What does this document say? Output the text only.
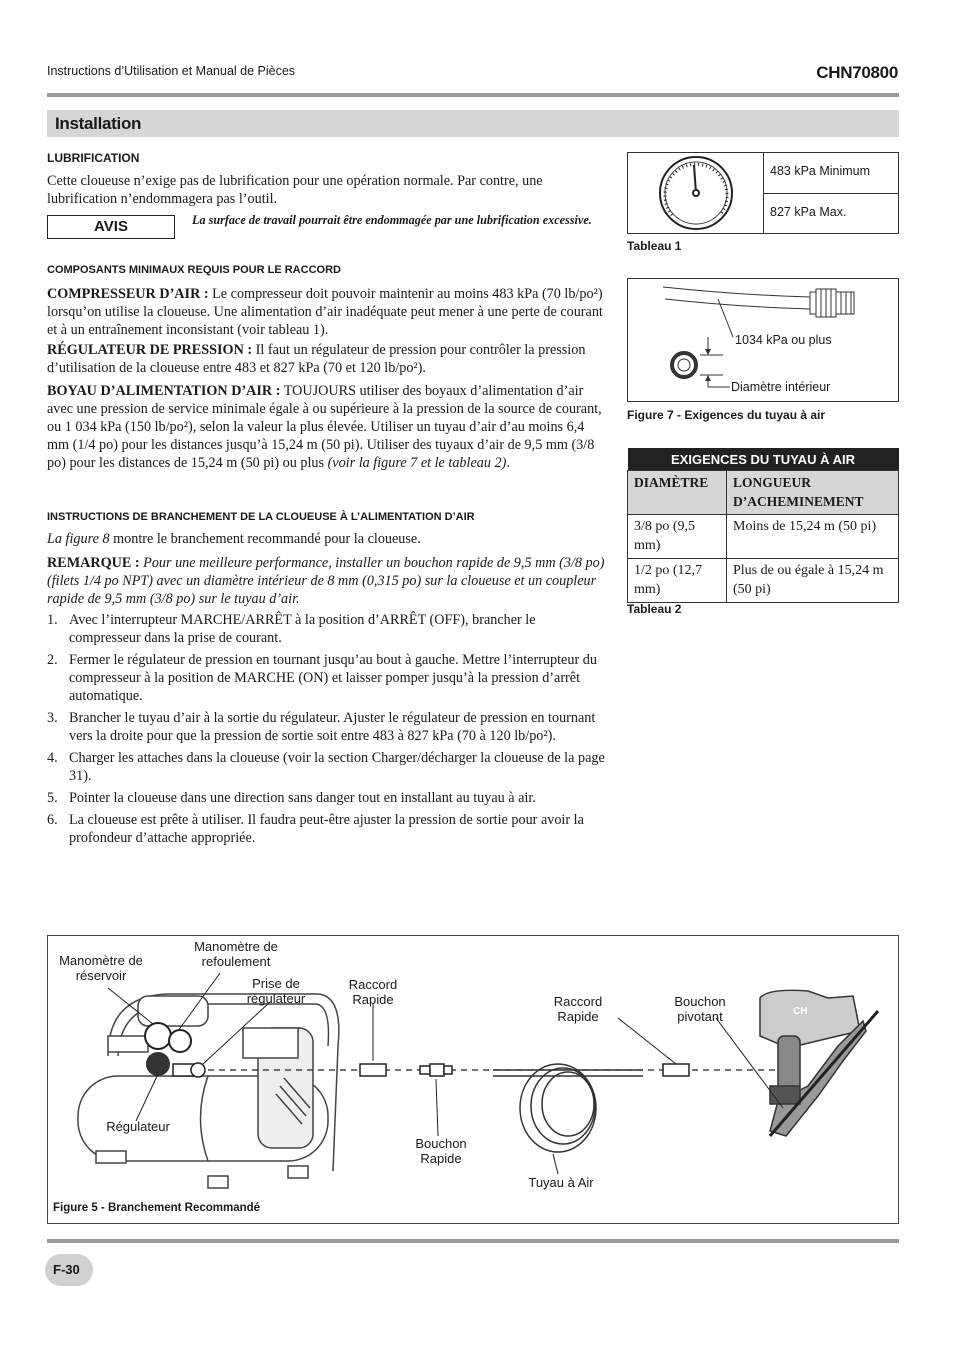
Instructions d’Utilisation et Manual de Pièces	CHN70800
Installation
LUBRIFICATION
Cette cloueuse n’exige pas de lubrification pour une opération normale. Par contre, une lubrification n’endommagera pas l’outil.
AVIS	La surface de travail pourrait être endommagée par une lubrification excessive.
COMPOSANTS MINIMAUX REQUIS POUR LE RACCORD
COMPRESSEUR D’AIR : Le compresseur doit pouvoir maintenir au moins 483 kPa (70 lb/po²) lorsqu’on utilise la cloueuse. Une alimentation d’air inadéquate peut mener à une perte de courant et à un entraînement inconsistant (voir tableau 1).
RÉGULATEUR DE PRESSION : Il faut un régulateur de pression pour contrôler la pression d’utilisation de la cloueuse entre 483 et 827 kPa (70 et 120 lb/po²).
BOYAU D’ALIMENTATION D’AIR : TOUJOURS utiliser des boyaux d’alimentation d’air avec une pression de service minimale égale à ou supérieure à la pression de la source de courant, ou 1 034 kPa (150 lb/po²), selon la valeur la plus élevée. Utiliser un tuyau d’air d’au moins 6,4 mm (1/4 po) pour les distances jusqu’à 15,24 m (50 pi). Utiliser des tuyaux d’air de 9,5 mm (3/8 po) pour les distances de 15,24 m (50 pi) ou plus (voir la figure 7 et le tableau 2).
INSTRUCTIONS DE BRANCHEMENT DE LA CLOUEUSE À L’ALIMENTATION D’AIR
La figure 8 montre le branchement recommandé pour la cloueuse.
REMARQUE : Pour une meilleure performance, installer un bouchon rapide de 9,5 mm (3/8 po) (filets 1/4 po NPT) avec un diamètre intérieur de 8 mm (0,315 po) sur la cloueuse et un coupleur rapide de 9,5 mm (3/8 po) sur le tuyau d’air.
1. Avec l’interrupteur MARCHE/ARRÊT à la position d’ARRÊT (OFF), brancher le compresseur dans la prise de courant.
2. Fermer le régulateur de pression en tournant jusqu’au bout à gauche. Mettre l’interrupteur du compresseur à la position de MARCHE (ON) et laisser pomper jusqu’à la pression d’arrêt automatique.
3. Brancher le tuyau d’air à la sortie du régulateur. Ajuster le régulateur de pression en tournant vers la droite pour que la pression de sortie soit entre 483 à 827 kPa (70 à 120 lb/po²).
4. Charger les attaches dans la cloueuse (voir la section Charger/décharger la cloueuse de la page 31).
5. Pointer la cloueuse dans une direction sans danger tout en installant au tuyau à air.
6. La cloueuse est prête à utiliser. Il faudra peut-être ajuster la pression de sortie pour avoir la profondeur d’attache appropriée.
483 kPa Minimum
827 kPa Max.
Tableau 1
1034 kPa ou plus
Diamètre intérieur
Figure 7 - Exigences du tuyau à air
EXIGENCES DU TUYAU À AIR	
DIAMÈTRE	LONGUEUR D’ACHEMINEMENT
3/8 po (9,5 mm)	Moins de 15,24 m (50 pi)
1/2 po (12,7 mm)	Plus de ou égale à 15,24 m (50 pi)
Tableau 2
CH
Manomètre de réservoir
Manomètre de refoulement
Prise de régulateur
Raccord Rapide	Raccord Rapide
Bouchon pivotant
Régulateur
Bouchon Rapide
Tuyau à Air
Figure 5 - Branchement Recommandé
F-30
